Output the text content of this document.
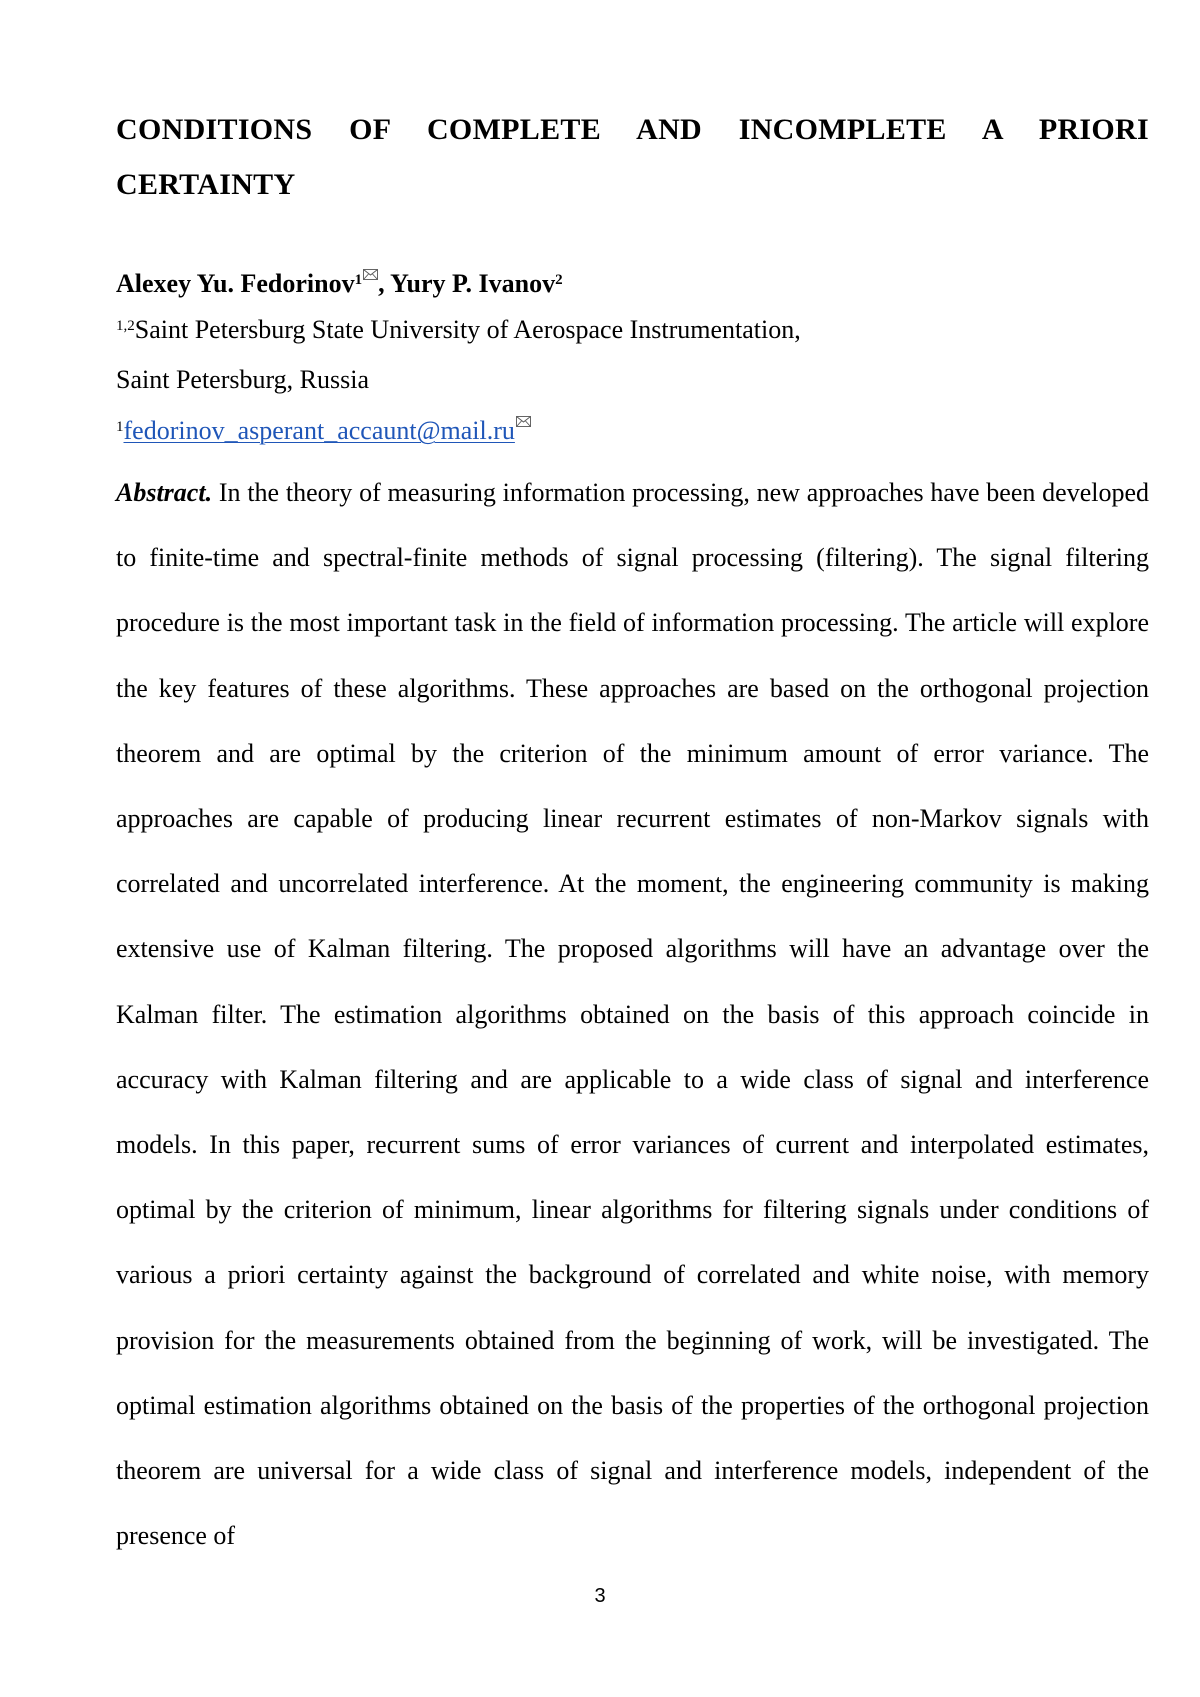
CONDITIONS OF COMPLETE AND INCOMPLETE A PRIORI CERTAINTY

Alexey Yu. Fedorinov$^1$ , Yury P. Ivanov$^2$

$^{1,2}$Saint Petersburg State University of Aerospace Instrumentation,

Saint Petersburg, Russia

$^1$fedorinov_asperant_accaunt@mail.ru

Abstract. In the theory of measuring information processing, new approaches have been developed to finite-time and spectral-finite methods of signal processing (filtering). The signal filtering procedure is the most important task in the field of information processing. The article will explore the key features of these algorithms. These approaches are based on the orthogonal projection theorem and are optimal by the criterion of the minimum amount of error variance. The approaches are capable of producing linear recurrent estimates of non-Markov signals with correlated and uncorrelated interference. At the moment, the engineering community is making extensive use of Kalman filtering. The proposed algorithms will have an advantage over the Kalman filter. The estimation algorithms obtained on the basis of this approach coincide in accuracy with Kalman filtering and are applicable to a wide class of signal and interference models. In this paper, recurrent sums of error variances of current and interpolated estimates, optimal by the criterion of minimum, linear algorithms for filtering signals under conditions of various a priori certainty against the background of correlated and white noise, with memory provision for the measurements obtained from the beginning of work, will be investigated. The optimal estimation algorithms obtained on the basis of the properties of the orthogonal projection theorem are universal for a wide class of signal and interference models, independent of the presence of

3
